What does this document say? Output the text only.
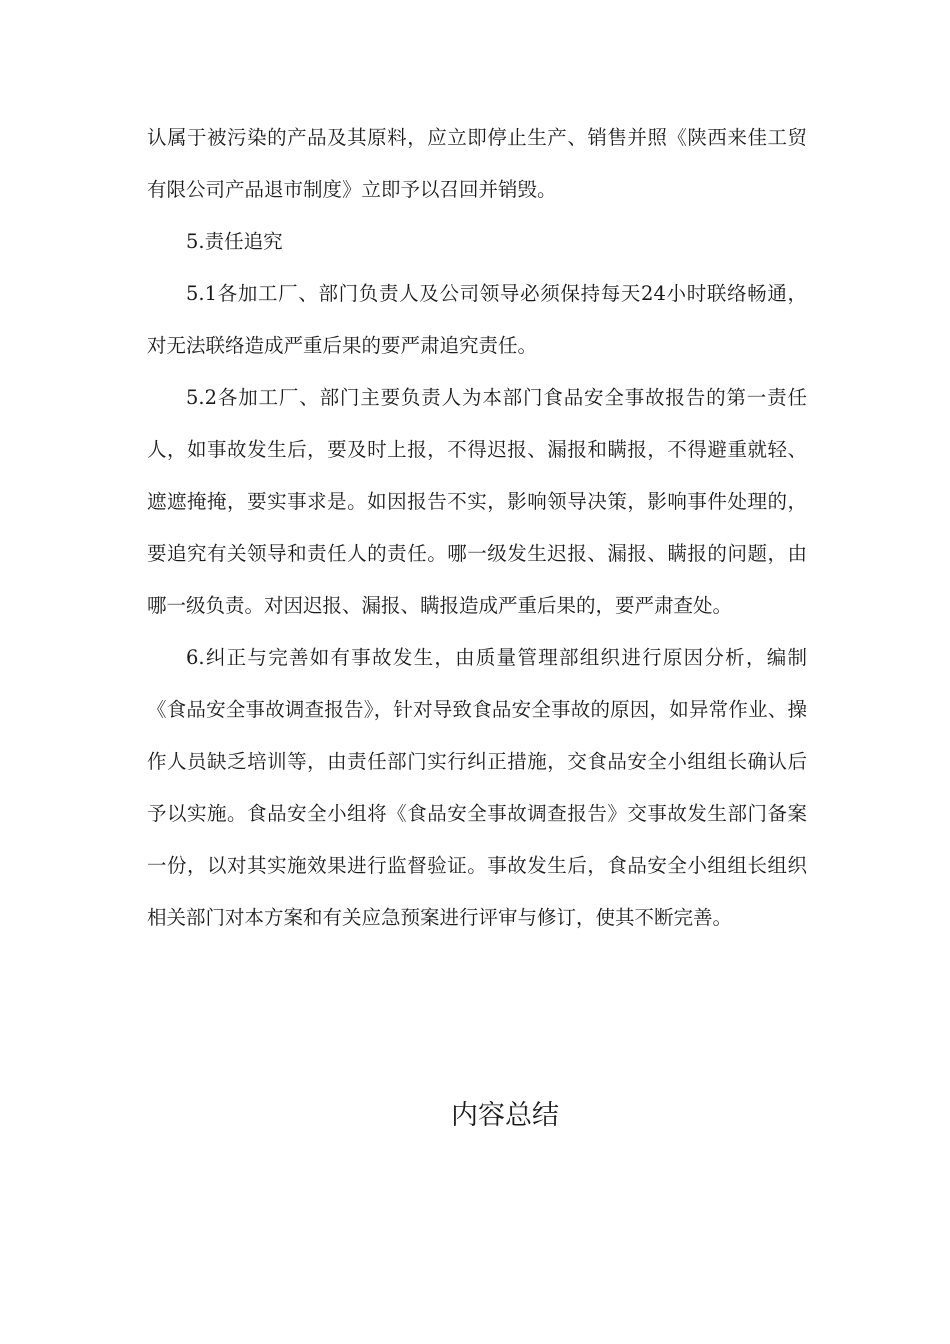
认属于被污染的产品及其原料，应立即停止生产、销售并照《陕西来佳工贸有限公司产品退市制度》立即予以召回并销毁。

5.责任追究

5.1各加工厂、部门负责人及公司领导必须保持每天24小时联络畅通，对无法联络造成严重后果的要严肃追究责任。

5.2各加工厂、部门主要负责人为本部门食品安全事故报告的第一责任人，如事故发生后，要及时上报，不得迟报、漏报和瞒报，不得避重就轻、遮遮掩掩，要实事求是。如因报告不实，影响领导决策，影响事件处理的，要追究有关领导和责任人的责任。哪一级发生迟报、漏报、瞒报的问题，由哪一级负责。对因迟报、漏报、瞒报造成严重后果的，要严肃查处。

6.纠正与完善如有事故发生，由质量管理部组织进行原因分析，编制《食品安全事故调查报告》，针对导致食品安全事故的原因，如异常作业、操作人员缺乏培训等，由责任部门实行纠正措施，交食品安全小组组长确认后予以实施。食品安全小组将《食品安全事故调查报告》交事故发生部门备案一份，以对其实施效果进行监督验证。事故发生后，食品安全小组组长组织相关部门对本方案和有关应急预案进行评审与修订，使其不断完善。

内容总结
